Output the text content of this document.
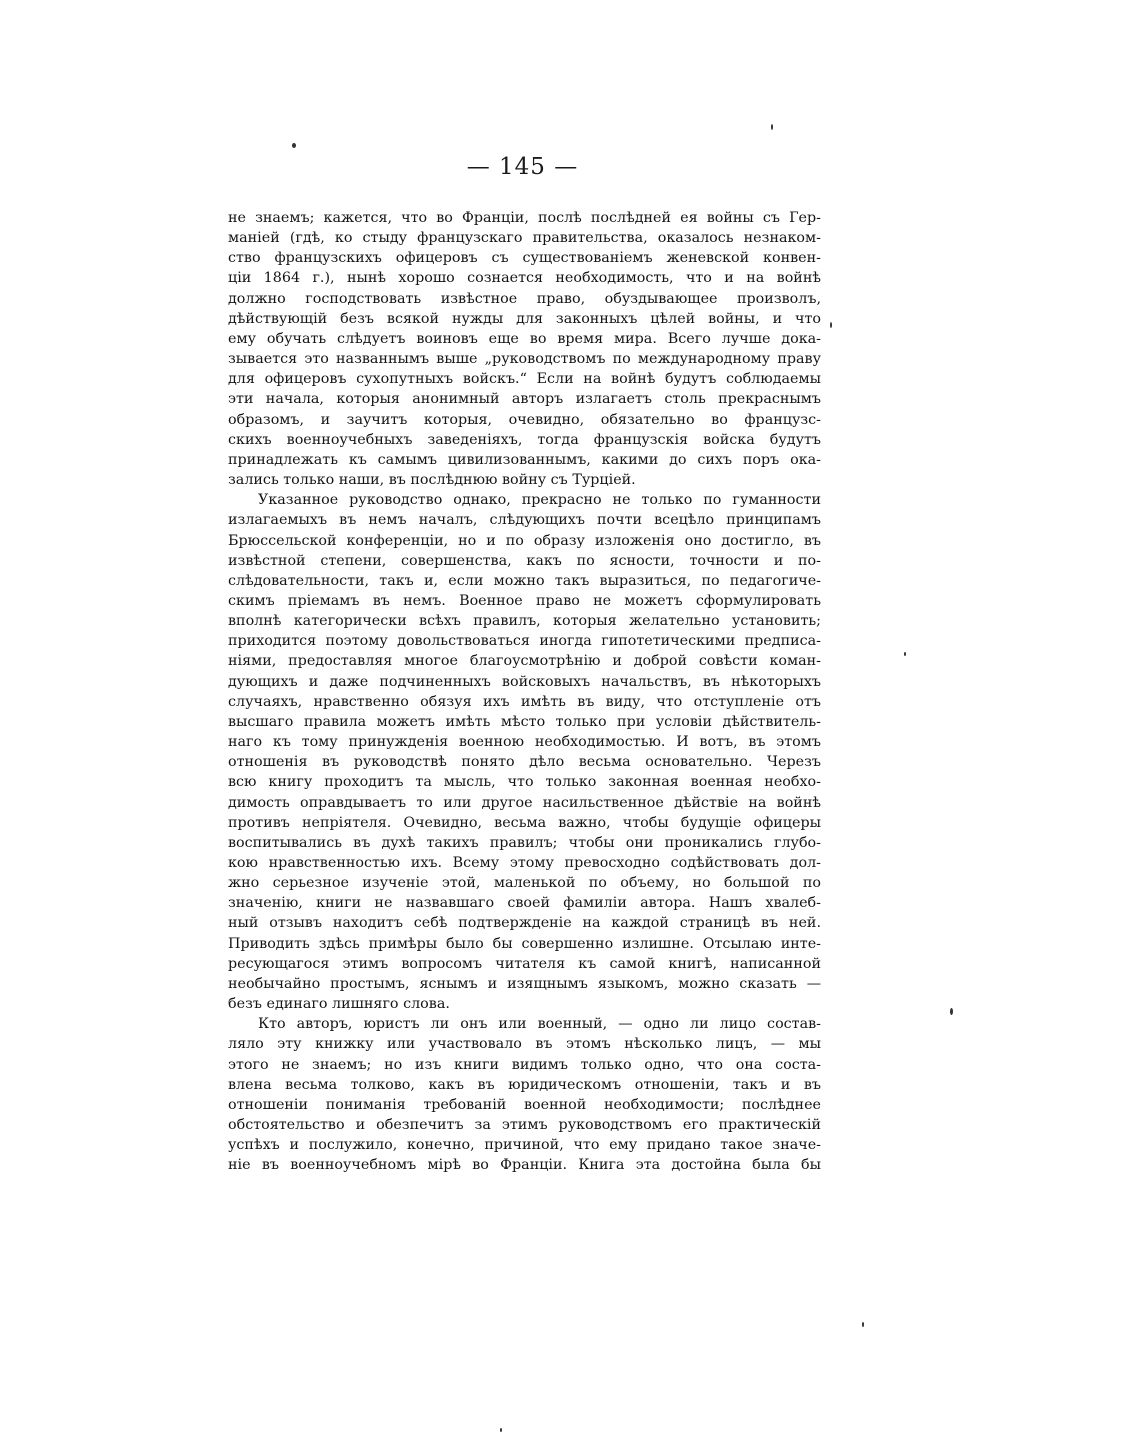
— 145 —

не знаемъ; кажется, что во Франціи, послѣ послѣдней ея войны съ Гер-
маніей (гдѣ, ко стыду французскаго правительства, оказалось незнаком-
ство французскихъ офицеровъ съ существованіемъ женевской конвен-
ціи 1864 г.), нынѣ хорошо сознается необходимость, что и на войнѣ
должно господствовать извѣстное право, обуздывающее произволъ,
дѣйствующій безъ всякой нужды для законныхъ цѣлей войны, и что
ему обучать слѣдуетъ воиновъ еще во время мира. Всего лучше дока-
зывается это названнымъ выше „руководствомъ по международному праву
для офицеровъ сухопутныхъ войскъ.“ Если на войнѣ будутъ соблюдаемы
эти начала, которыя анонимный авторъ излагаетъ столь прекраснымъ
образомъ, и заучитъ которыя, очевидно, обязательно во французс-
скихъ военноучебныхъ заведеніяхъ, тогда французскія войска будутъ
принадлежать къ самымъ цивилизованнымъ, какими до сихъ поръ ока-
зались только наши, въ послѣднюю войну съ Турціей.

Указанное руководство однако, прекрасно не только по гуманности
излагаемыхъ въ немъ началъ, слѣдующихъ почти всецѣло принципамъ
Брюссельской конференціи, но и по образу изложенія оно достигло, въ
извѣстной степени, совершенства, какъ по ясности, точности и по-
слѣдовательности, такъ и, если можно такъ выразиться, по педагогиче-
скимъ пріемамъ въ немъ. Военное право не можетъ сформулировать
вполнѣ категорически всѣхъ правилъ, которыя желательно установить;
приходится поэтому довольствоваться иногда гипотетическими предписа-
ніями, предоставляя многое благоусмотрѣнію и доброй совѣсти коман-
дующихъ и даже подчиненныхъ войсковыхъ начальствъ, въ нѣкоторыхъ
случаяхъ, нравственно обязуя ихъ имѣть въ виду, что отступленіе отъ
высшаго правила можетъ имѣть мѣсто только при условіи дѣйствитель-
наго къ тому принужденія военною необходимостью. И вотъ, въ этомъ
отношенія въ руководствѣ понято дѣло весьма основательно. Черезъ
всю книгу проходитъ та мысль, что только законная военная необхо-
димость оправдываетъ то или другое насильственное дѣйствіе на войнѣ
противъ непріятеля. Очевидно, весьма важно, чтобы будущіе офицеры
воспитывались въ духѣ такихъ правилъ; чтобы они проникались глубо-
кою нравственностью ихъ. Всему этому превосходно содѣйствовать дол-
жно серьезное изученіе этой, маленькой по объему, но большой по
значенію, книги не назвавшаго своей фамиліи автора. Нашъ хвалеб-
ный отзывъ находитъ себѣ подтвержденіе на каждой страницѣ въ ней.
Приводить здѣсь примѣры было бы совершенно излишне. Отсылаю инте-
ресующагося этимъ вопросомъ читателя къ самой книгѣ, написанной
необычайно простымъ, яснымъ и изящнымъ языкомъ, можно сказать —
безъ единаго лишняго слова.

Кто авторъ, юристъ ли онъ или военный, — одно ли лицо состав-
ляло эту книжку или участвовало въ этомъ нѣсколько лицъ, — мы
этого не знаемъ; но изъ книги видимъ только одно, что она соста-
влена весьма толково, какъ въ юридическомъ отношеніи, такъ и въ
отношеніи пониманія требованій военной необходимости; послѣднее
обстоятельство и обезпечитъ за этимъ руководствомъ его практическій
успѣхъ и послужило, конечно, причиной, что ему придано такое значе-
ніе въ военноучебномъ мірѣ во Франціи. Книга эта достойна была бы
